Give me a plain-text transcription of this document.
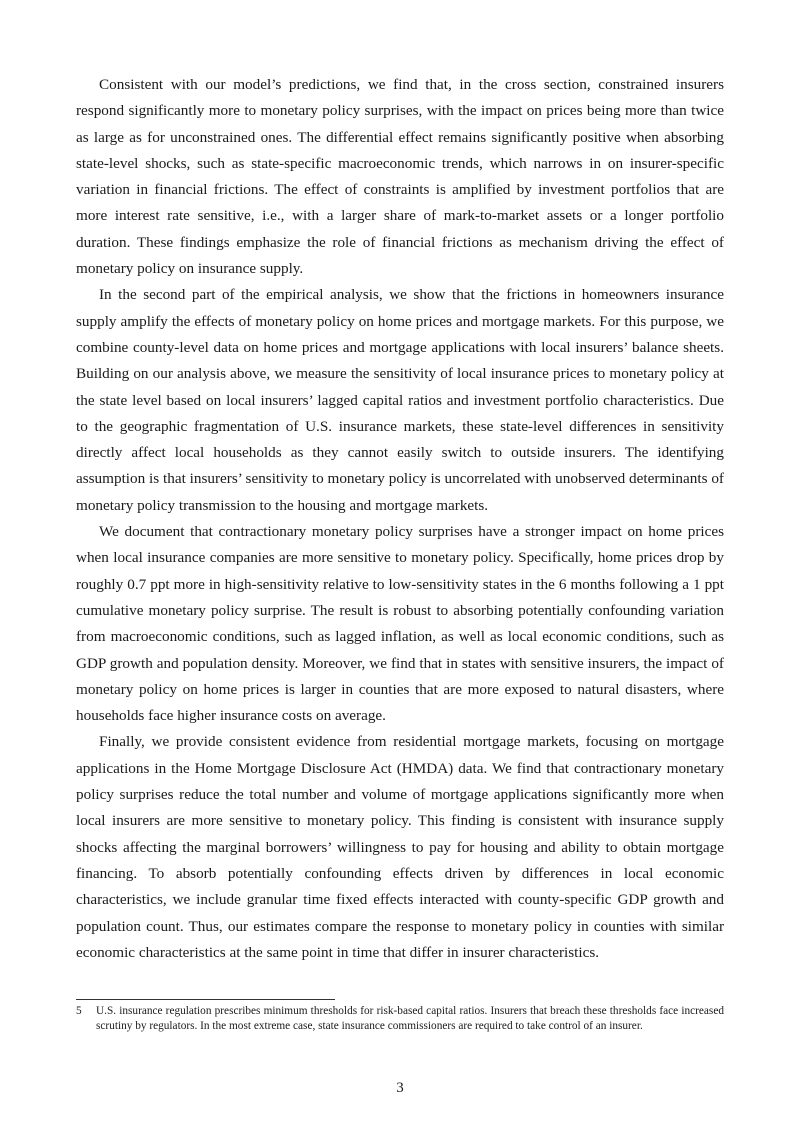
Consistent with our model’s predictions, we find that, in the cross section, constrained insurers respond significantly more to monetary policy surprises, with the impact on prices being more than twice as large as for unconstrained ones. The differential effect remains significantly positive when absorbing state-level shocks, such as state-specific macroeconomic trends, which narrows in on insurer-specific variation in financial frictions. The effect of constraints is amplified by investment portfolios that are more interest rate sensitive, i.e., with a larger share of mark-to-market assets or a longer portfolio duration. These findings emphasize the role of financial frictions as mechanism driving the effect of monetary policy on insurance supply.

In the second part of the empirical analysis, we show that the frictions in homeowners insurance supply amplify the effects of monetary policy on home prices and mortgage markets. For this purpose, we combine county-level data on home prices and mortgage applications with local insurers’ balance sheets. Building on our analysis above, we measure the sensitivity of local insurance prices to monetary policy at the state level based on local insurers’ lagged capital ratios and investment portfolio characteristics. Due to the geographic fragmentation of U.S. insurance markets, these state-level differences in sensitivity directly affect local households as they cannot easily switch to outside insurers. The identifying assumption is that insurers’ sensitivity to monetary policy is uncorrelated with unobserved determinants of monetary policy transmission to the housing and mortgage markets.

We document that contractionary monetary policy surprises have a stronger impact on home prices when local insurance companies are more sensitive to monetary policy. Specifically, home prices drop by roughly 0.7 ppt more in high-sensitivity relative to low-sensitivity states in the 6 months following a 1 ppt cumulative monetary policy surprise. The result is robust to absorbing potentially confounding variation from macroeconomic conditions, such as lagged inflation, as well as local economic conditions, such as GDP growth and population density. Moreover, we find that in states with sensitive insurers, the impact of monetary policy on home prices is larger in counties that are more exposed to natural disasters, where households face higher insurance costs on average.

Finally, we provide consistent evidence from residential mortgage markets, focusing on mortgage applications in the Home Mortgage Disclosure Act (HMDA) data. We find that contractionary monetary policy surprises reduce the total number and volume of mortgage applications significantly more when local insurers are more sensitive to monetary policy. This finding is consistent with insurance supply shocks affecting the marginal borrowers’ willingness to pay for housing and ability to obtain mortgage financing. To absorb potentially confounding effects driven by differences in local economic characteristics, we include granular time fixed effects interacted with county-specific GDP growth and population count. Thus, our estimates compare the response to monetary policy in counties with similar economic characteristics at the same point in time that differ in insurer characteristics.

5 U.S. insurance regulation prescribes minimum thresholds for risk-based capital ratios. Insurers that breach these thresholds face increased scrutiny by regulators. In the most extreme case, state insurance commissioners are required to take control of an insurer.
3
